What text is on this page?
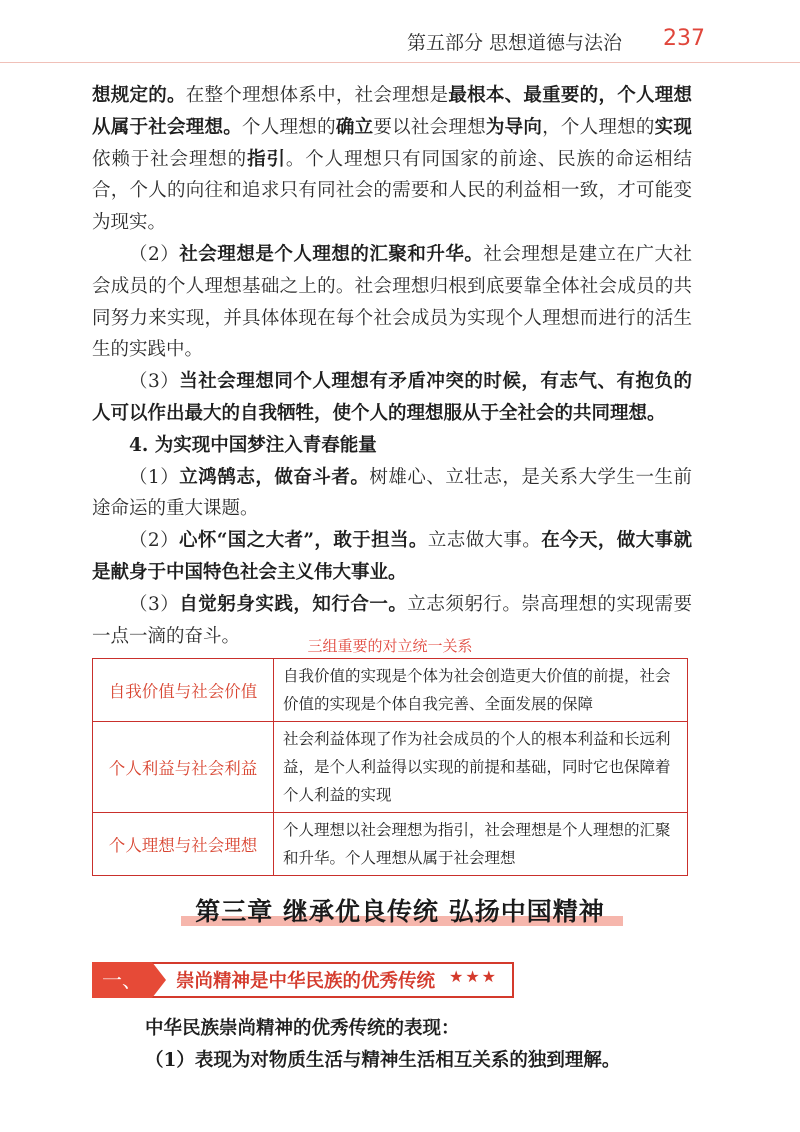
第五部分 思想道德与法治 237

想规定的。在整个理想体系中，社会理想是最根本、最重要的，个人理想从属于社会理想。个人理想的确立要以社会理想为导向，个人理想的实现依赖于社会理想的指引。个人理想只有同国家的前途、民族的命运相结合，个人的向往和追求只有同社会的需要和人民的利益相一致，才可能变为现实。

（2）社会理想是个人理想的汇聚和升华。社会理想是建立在广大社会成员的个人理想基础之上的。社会理想归根到底要靠全体社会成员的共同努力来实现，并具体体现在每个社会成员为实现个人理想而进行的活生生的实践中。

（3）当社会理想同个人理想有矛盾冲突的时候，有志气、有抱负的人可以作出最大的自我牺牲，使个人的理想服从于全社会的共同理想。

4. 为实现中国梦注入青春能量

（1）立鸿鹄志，做奋斗者。树雄心、立壮志，是关系大学生一生前途命运的重大课题。

（2）心怀“国之大者”，敢于担当。立志做大事。在今天，做大事就是献身于中国特色社会主义伟大事业。

（3）自觉躬身实践，知行合一。立志须躬行。崇高理想的实现需要一点一滴的奋斗。	三组重要的对立统一关系
自我价值与社会价值	自我价值的实现是个体为社会创造更大价值的前提，社会价值的实现是个体自我完善、全面发展的保障
个人利益与社会利益	社会利益体现了作为社会成员的个人的根本利益和长远利益，是个人利益得以实现的前提和基础，同时它也保障着个人利益的实现
个人理想与社会理想	个人理想以社会理想为指引，社会理想是个人理想的汇聚和升华。个人理想从属于社会理想
第三章 继承优良传统 弘扬中国精神
一、	崇尚精神是中华民族的优秀传统 ★★★

中华民族崇尚精神的优秀传统的表现：

（1）表现为对物质生活与精神生活相互关系的独到理解。
